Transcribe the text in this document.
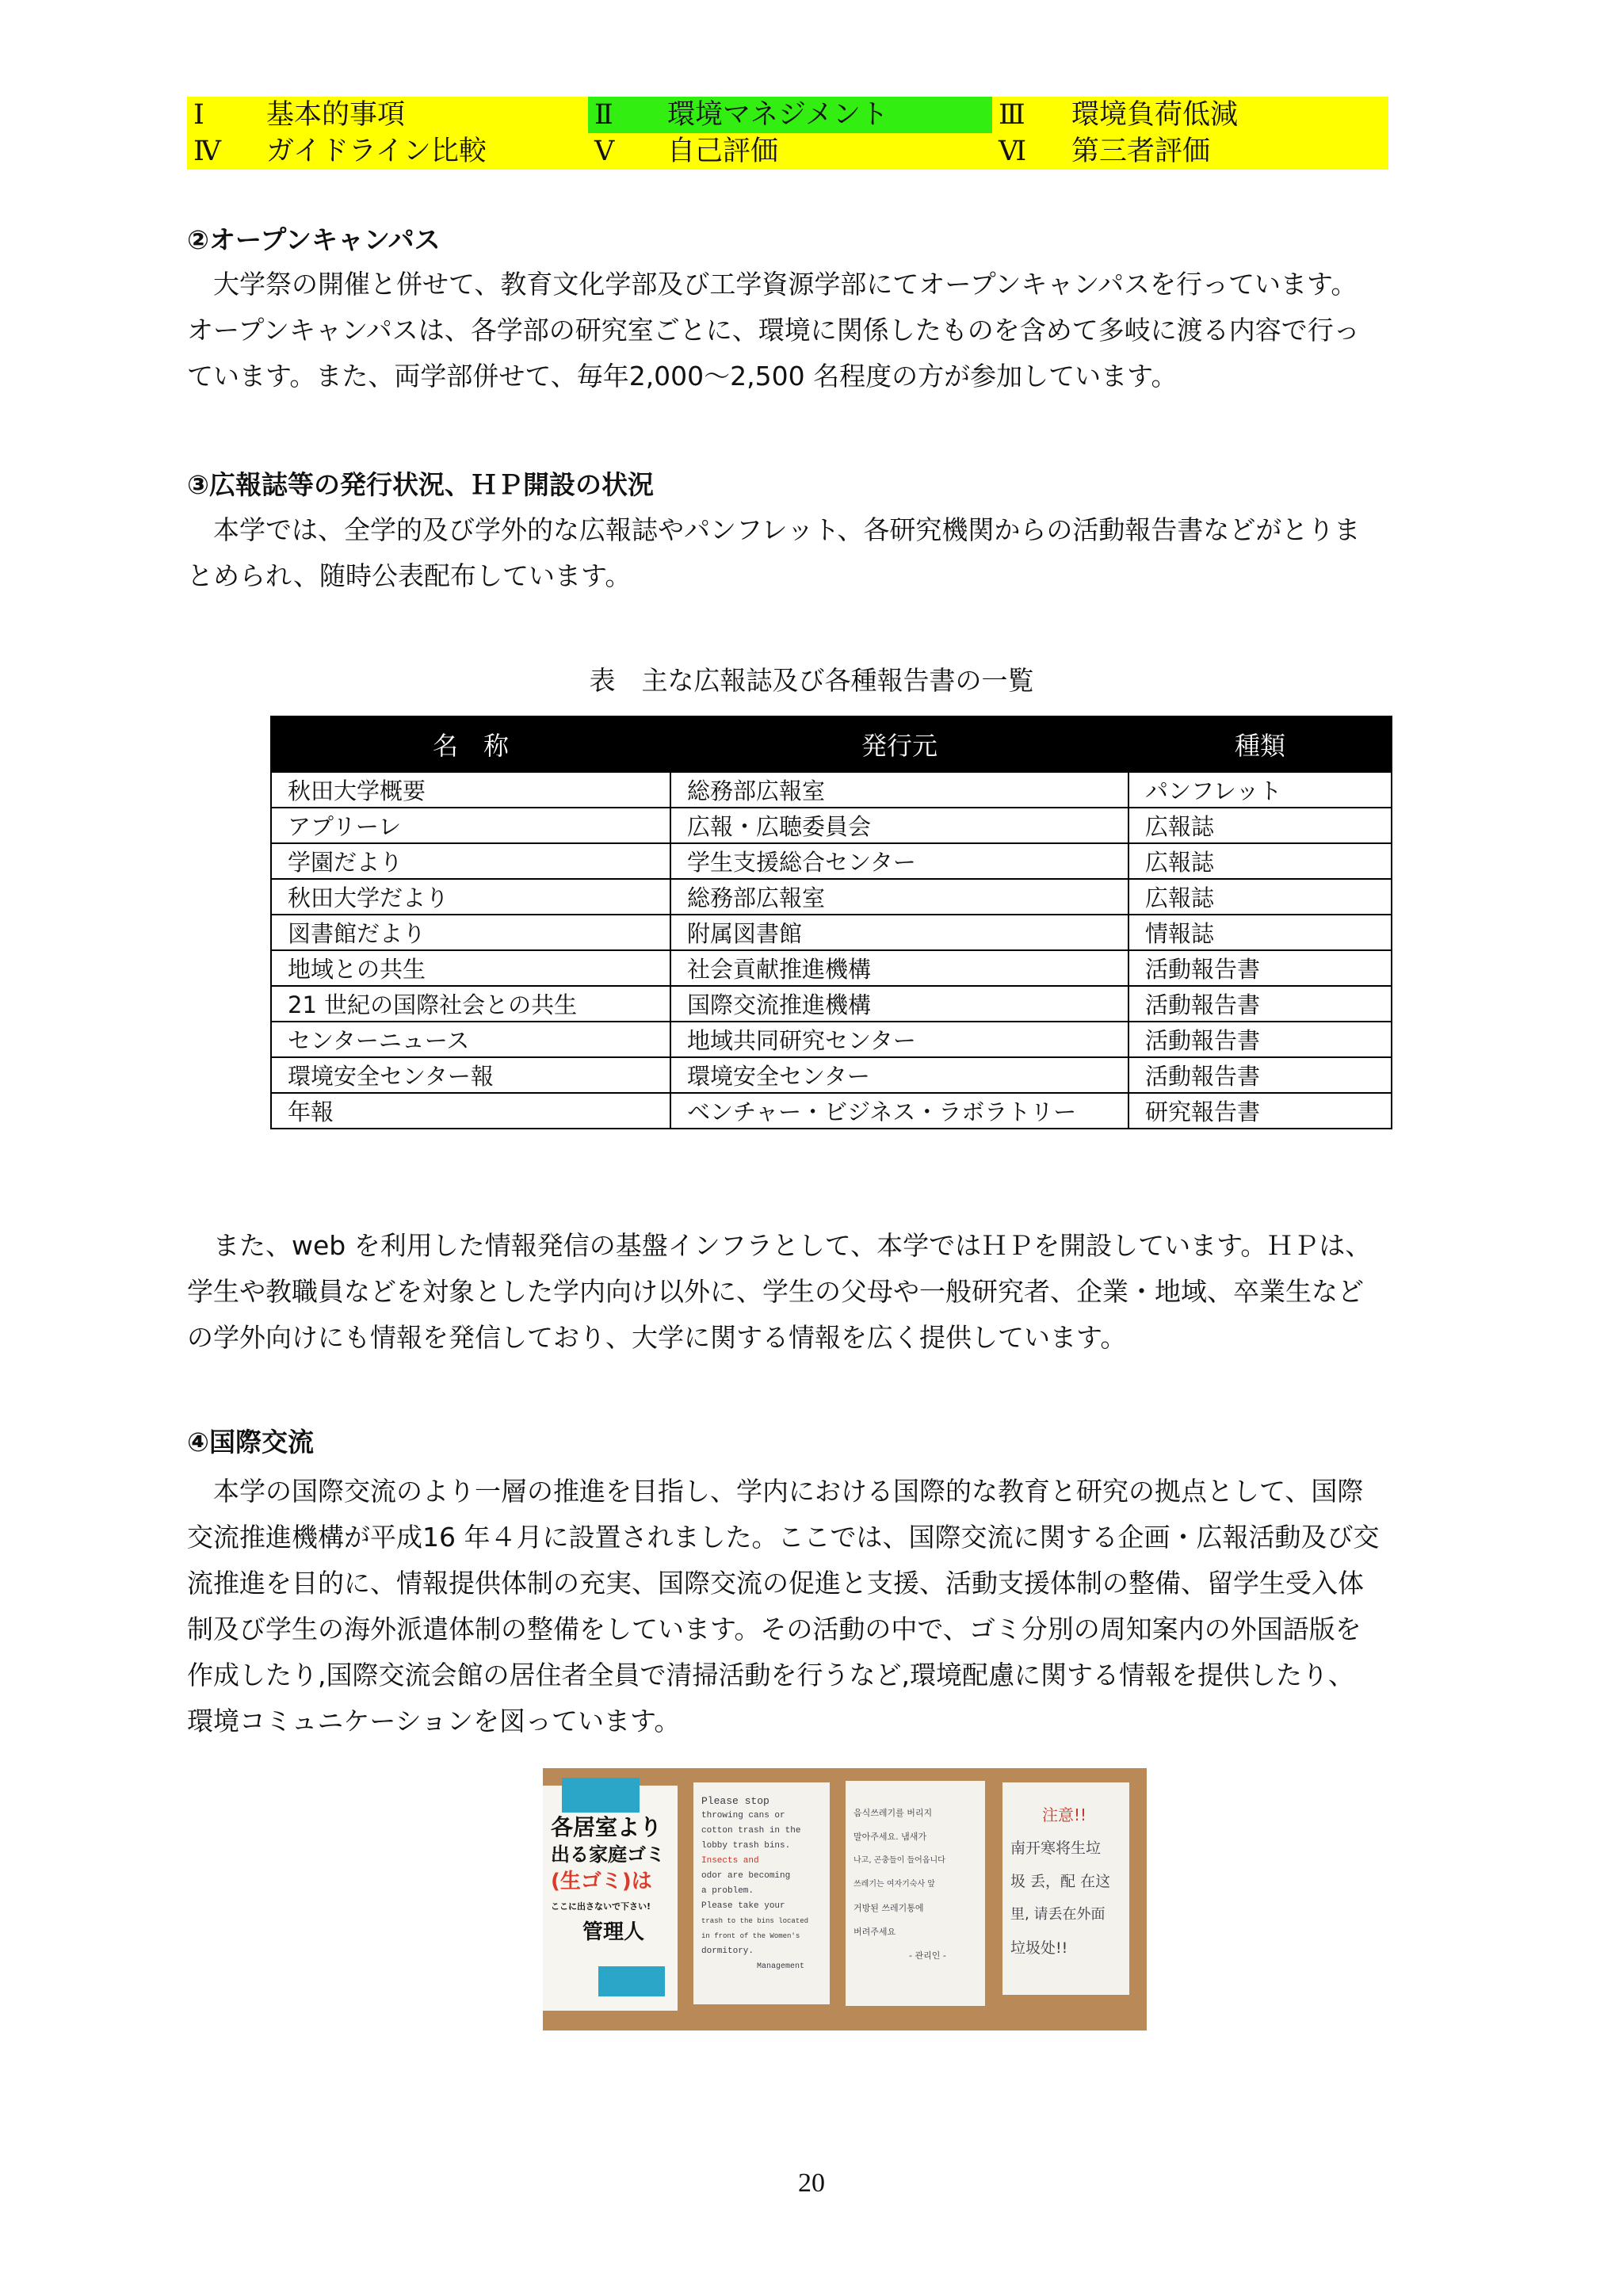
Ⅰ	基本的事項	Ⅱ	環境マネジメント	Ⅲ	環境負荷低減
Ⅳ	ガイドライン比較	Ⅴ	自己評価	Ⅵ	第三者評価
②オープンキャンパス

　大学祭の開催と併せて、教育文化学部及び工学資源学部にてオープンキャンパスを行っています。
オープンキャンパスは、各学部の研究室ごとに、環境に関係したものを含めて多岐に渡る内容で行っ
ています。また、両学部併せて、毎年2,000～2,500 名程度の方が参加しています。

③広報誌等の発行状況、ＨＰ開設の状況

　本学では、全学的及び学外的な広報誌やパンフレット、各研究機関からの活動報告書などがとりま
とめられ、随時公表配布しています。

表　主な広報誌及び各種報告書の一覧
名　称	発行元	種類
秋田大学概要	総務部広報室	パンフレット
アプリーレ	広報・広聴委員会	広報誌
学園だより	学生支援総合センター	広報誌
秋田大学だより	総務部広報室	広報誌
図書館だより	附属図書館	情報誌
地域との共生	社会貢献推進機構	活動報告書
21 世紀の国際社会との共生	国際交流推進機構	活動報告書
センターニュース	地域共同研究センター	活動報告書
環境安全センター報	環境安全センター	活動報告書
年報	ベンチャー・ビジネス・ラボラトリー	研究報告書

　また、web を利用した情報発信の基盤インフラとして、本学ではＨＰを開設しています。ＨＰは、
学生や教職員などを対象とした学内向け以外に、学生の父母や一般研究者、企業・地域、卒業生など
の学外向けにも情報を発信しており、大学に関する情報を広く提供しています。

④国際交流

　本学の国際交流のより一層の推進を目指し、学内における国際的な教育と研究の拠点として、国際
交流推進機構が平成16 年４月に設置されました。ここでは、国際交流に関する企画・広報活動及び交
流推進を目的に、情報提供体制の充実、国際交流の促進と支援、活動支援体制の整備、留学生受入体
制及び学生の海外派遣体制の整備をしています。その活動の中で、ゴミ分別の周知案内の外国語版を
作成したり,国際交流会館の居住者全員で清掃活動を行うなど,環境配慮に関する情報を提供したり、
環境コミュニケーションを図っています。

各居室より
出る家庭ゴミ
(生ゴミ)は
ここに出さないで下さい!
管理人
Please stop
throwing cans or
cotton trash in the
lobby trash bins.
Insects and
odor are becoming
a problem.
Please take your
trash to the bins located
in front of the Women's
dormitory.
Management
음식쓰레기를 버리지
말아주세요. 냄새가
나고, 곤충들이 들어옵니다
쓰레기는 여자기숙사 앞
거방된 쓰레기통에
버려주세요
- 관리인 -
注意!!
南开寒将生垃
圾 丢，配 在这
里, 请丢在外面
垃圾处!!
20
